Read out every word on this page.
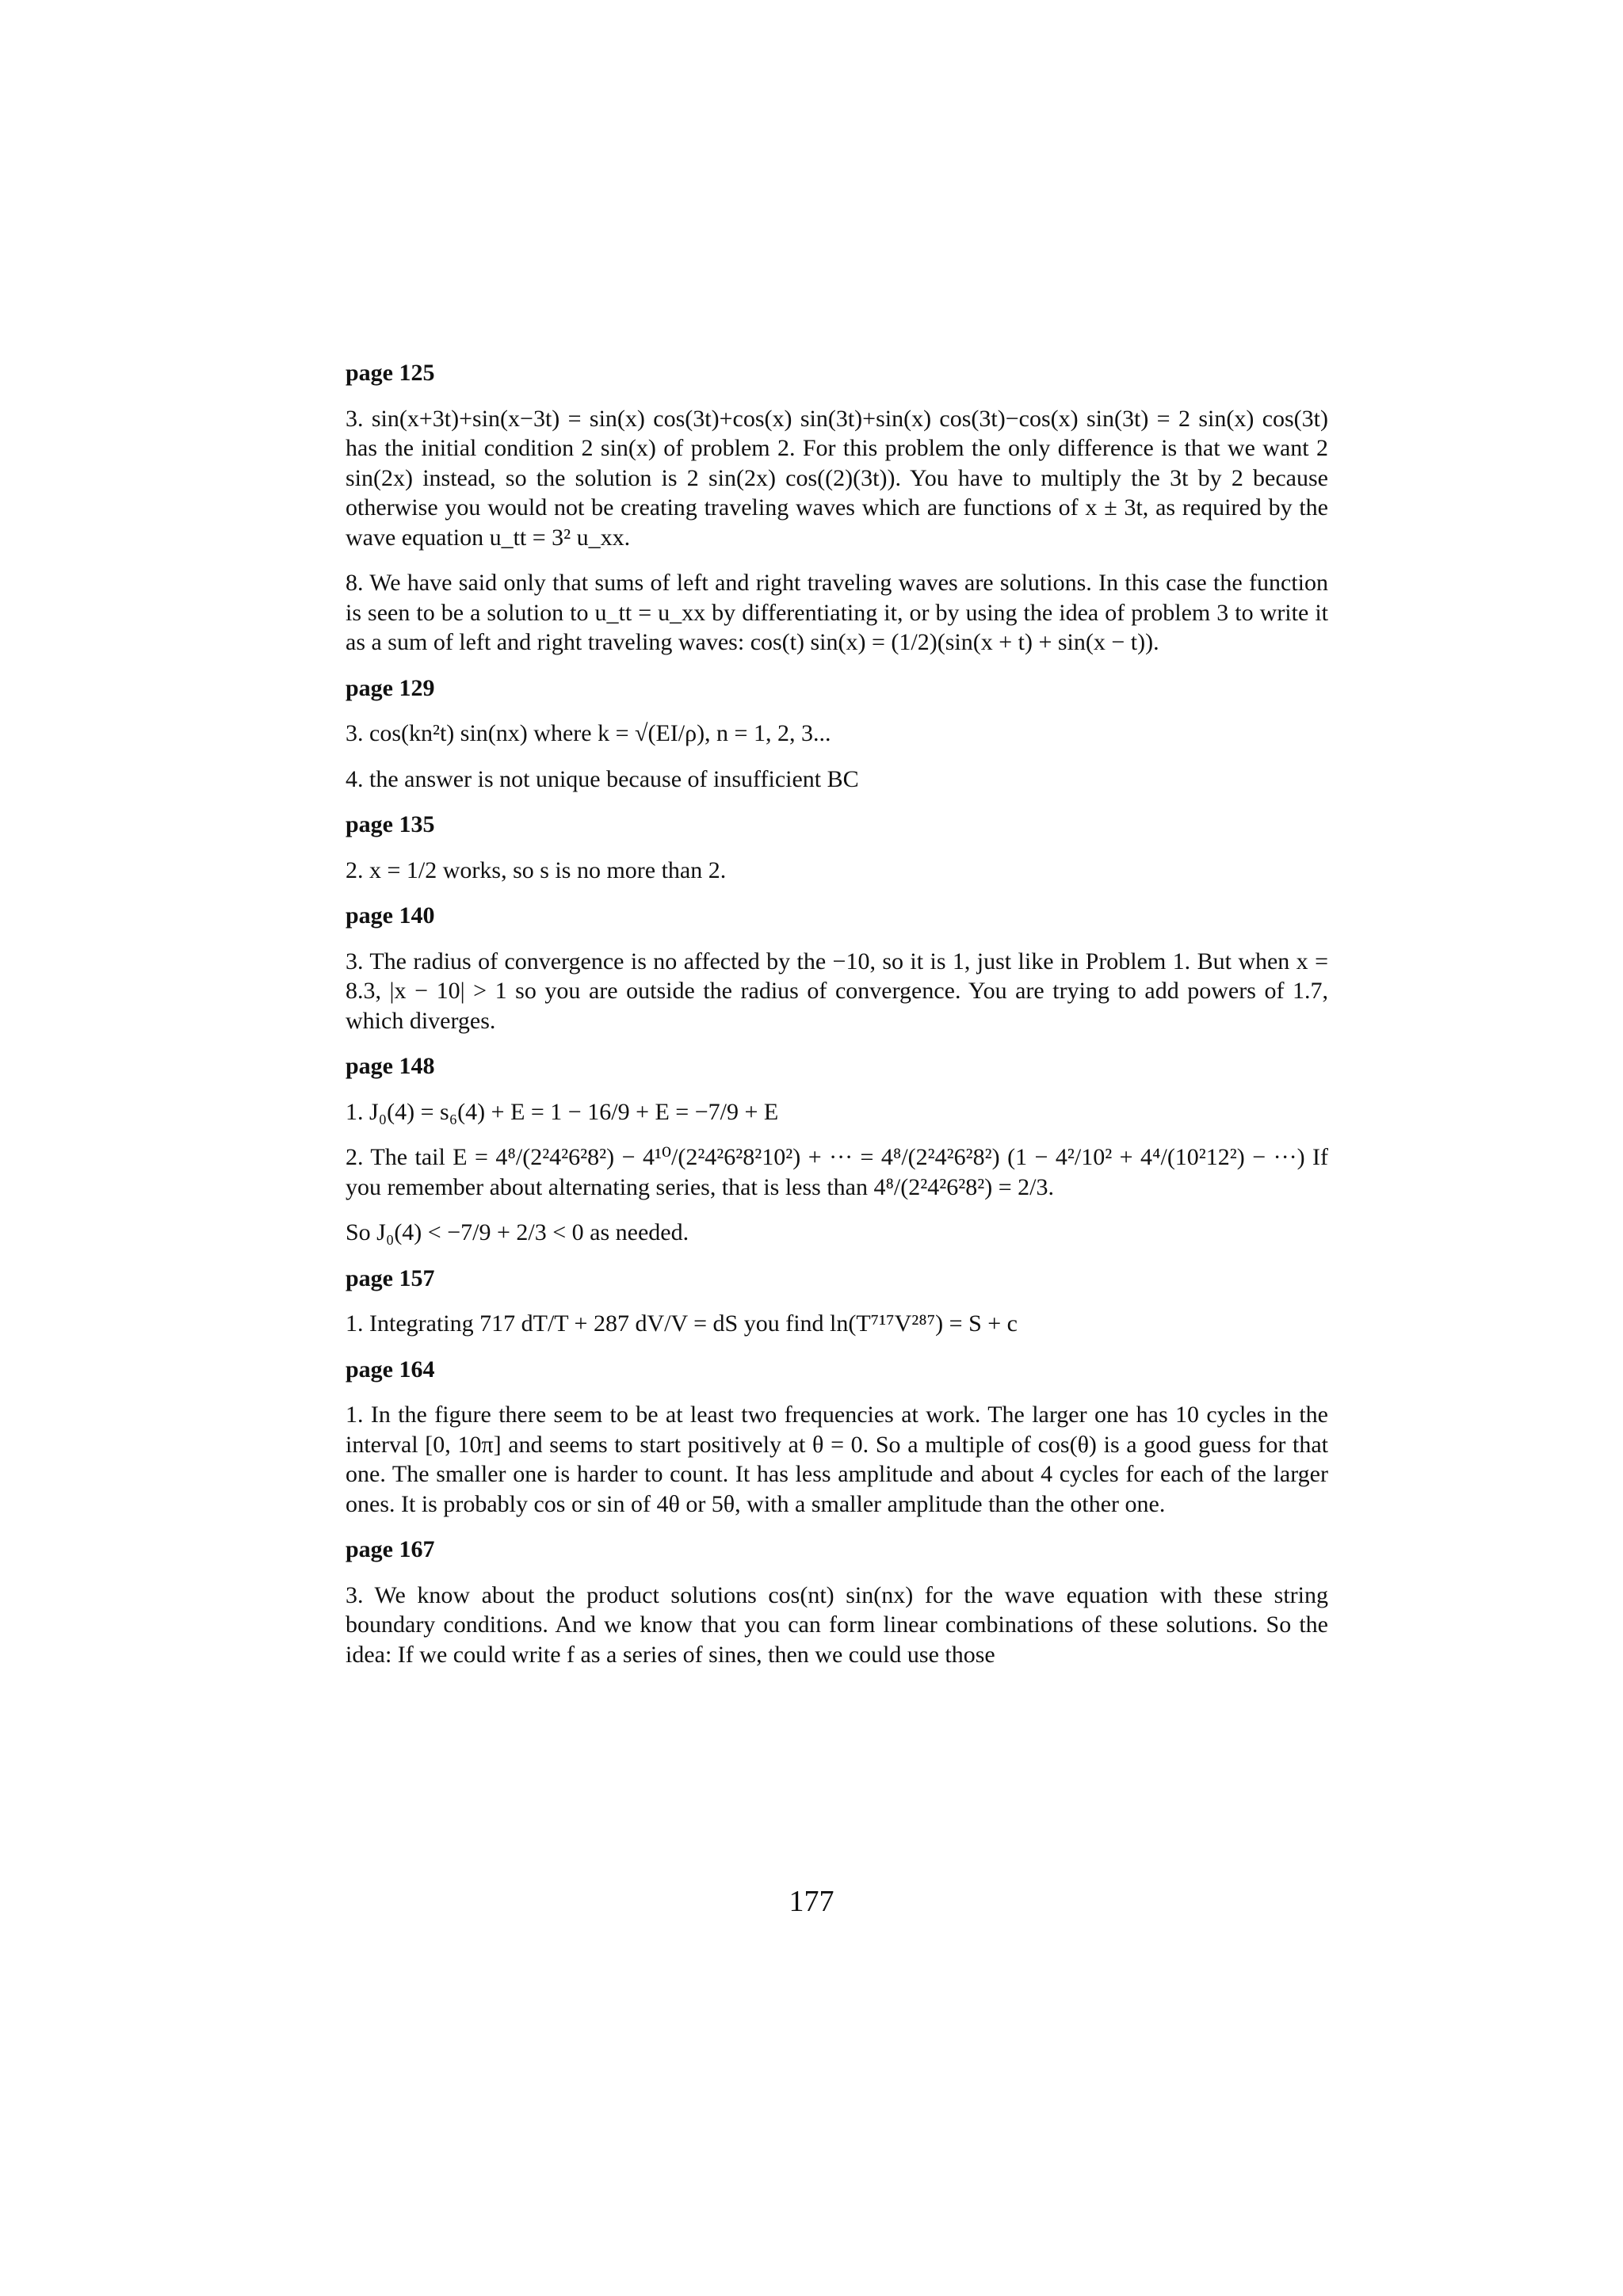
page 125

3. sin(x+3t)+sin(x−3t) = sin(x) cos(3t)+cos(x) sin(3t)+sin(x) cos(3t)−cos(x) sin(3t) = 2 sin(x) cos(3t) has the initial condition 2 sin(x) of problem 2. For this problem the only difference is that we want 2 sin(2x) instead, so the solution is 2 sin(2x) cos((2)(3t)). You have to multiply the 3t by 2 because otherwise you would not be creating traveling waves which are functions of x ± 3t, as required by the wave equation u_tt = 3² u_xx.

8. We have said only that sums of left and right traveling waves are solutions. In this case the function is seen to be a solution to u_tt = u_xx by differentiating it, or by using the idea of problem 3 to write it as a sum of left and right traveling waves: cos(t) sin(x) = (1/2)(sin(x + t) + sin(x − t)).

page 129

3. cos(kn²t) sin(nx) where k = √(EI/ρ), n = 1, 2, 3...

4. the answer is not unique because of insufficient BC

page 135

2. x = 1/2 works, so s is no more than 2.

page 140

3. The radius of convergence is no affected by the −10, so it is 1, just like in Problem 1. But when x = 8.3, |x − 10| > 1 so you are outside the radius of convergence. You are trying to add powers of 1.7, which diverges.

page 148

1. J₀(4) = s₆(4) + E = 1 − 16/9 + E = −7/9 + E

2. The tail E = 4⁸/(2²4²6²8²) − 4¹⁰/(2²4²6²8²10²) + ··· = 4⁸/(2²4²6²8²) (1 − 4²/10² + 4⁴/(10²12²) − ···) If you remember about alternating series, that is less than 4⁸/(2²4²6²8²) = 2/3.

So J₀(4) < −7/9 + 2/3 < 0 as needed.

page 157

1. Integrating 717 dT/T + 287 dV/V = dS you find ln(T⁷¹⁷V²⁸⁷) = S + c

page 164

1. In the figure there seem to be at least two frequencies at work. The larger one has 10 cycles in the interval [0, 10π] and seems to start positively at θ = 0. So a multiple of cos(θ) is a good guess for that one. The smaller one is harder to count. It has less amplitude and about 4 cycles for each of the larger ones. It is probably cos or sin of 4θ or 5θ, with a smaller amplitude than the other one.

page 167

3. We know about the product solutions cos(nt) sin(nx) for the wave equation with these string boundary conditions. And we know that you can form linear combinations of these solutions. So the idea: If we could write f as a series of sines, then we could use those

177
